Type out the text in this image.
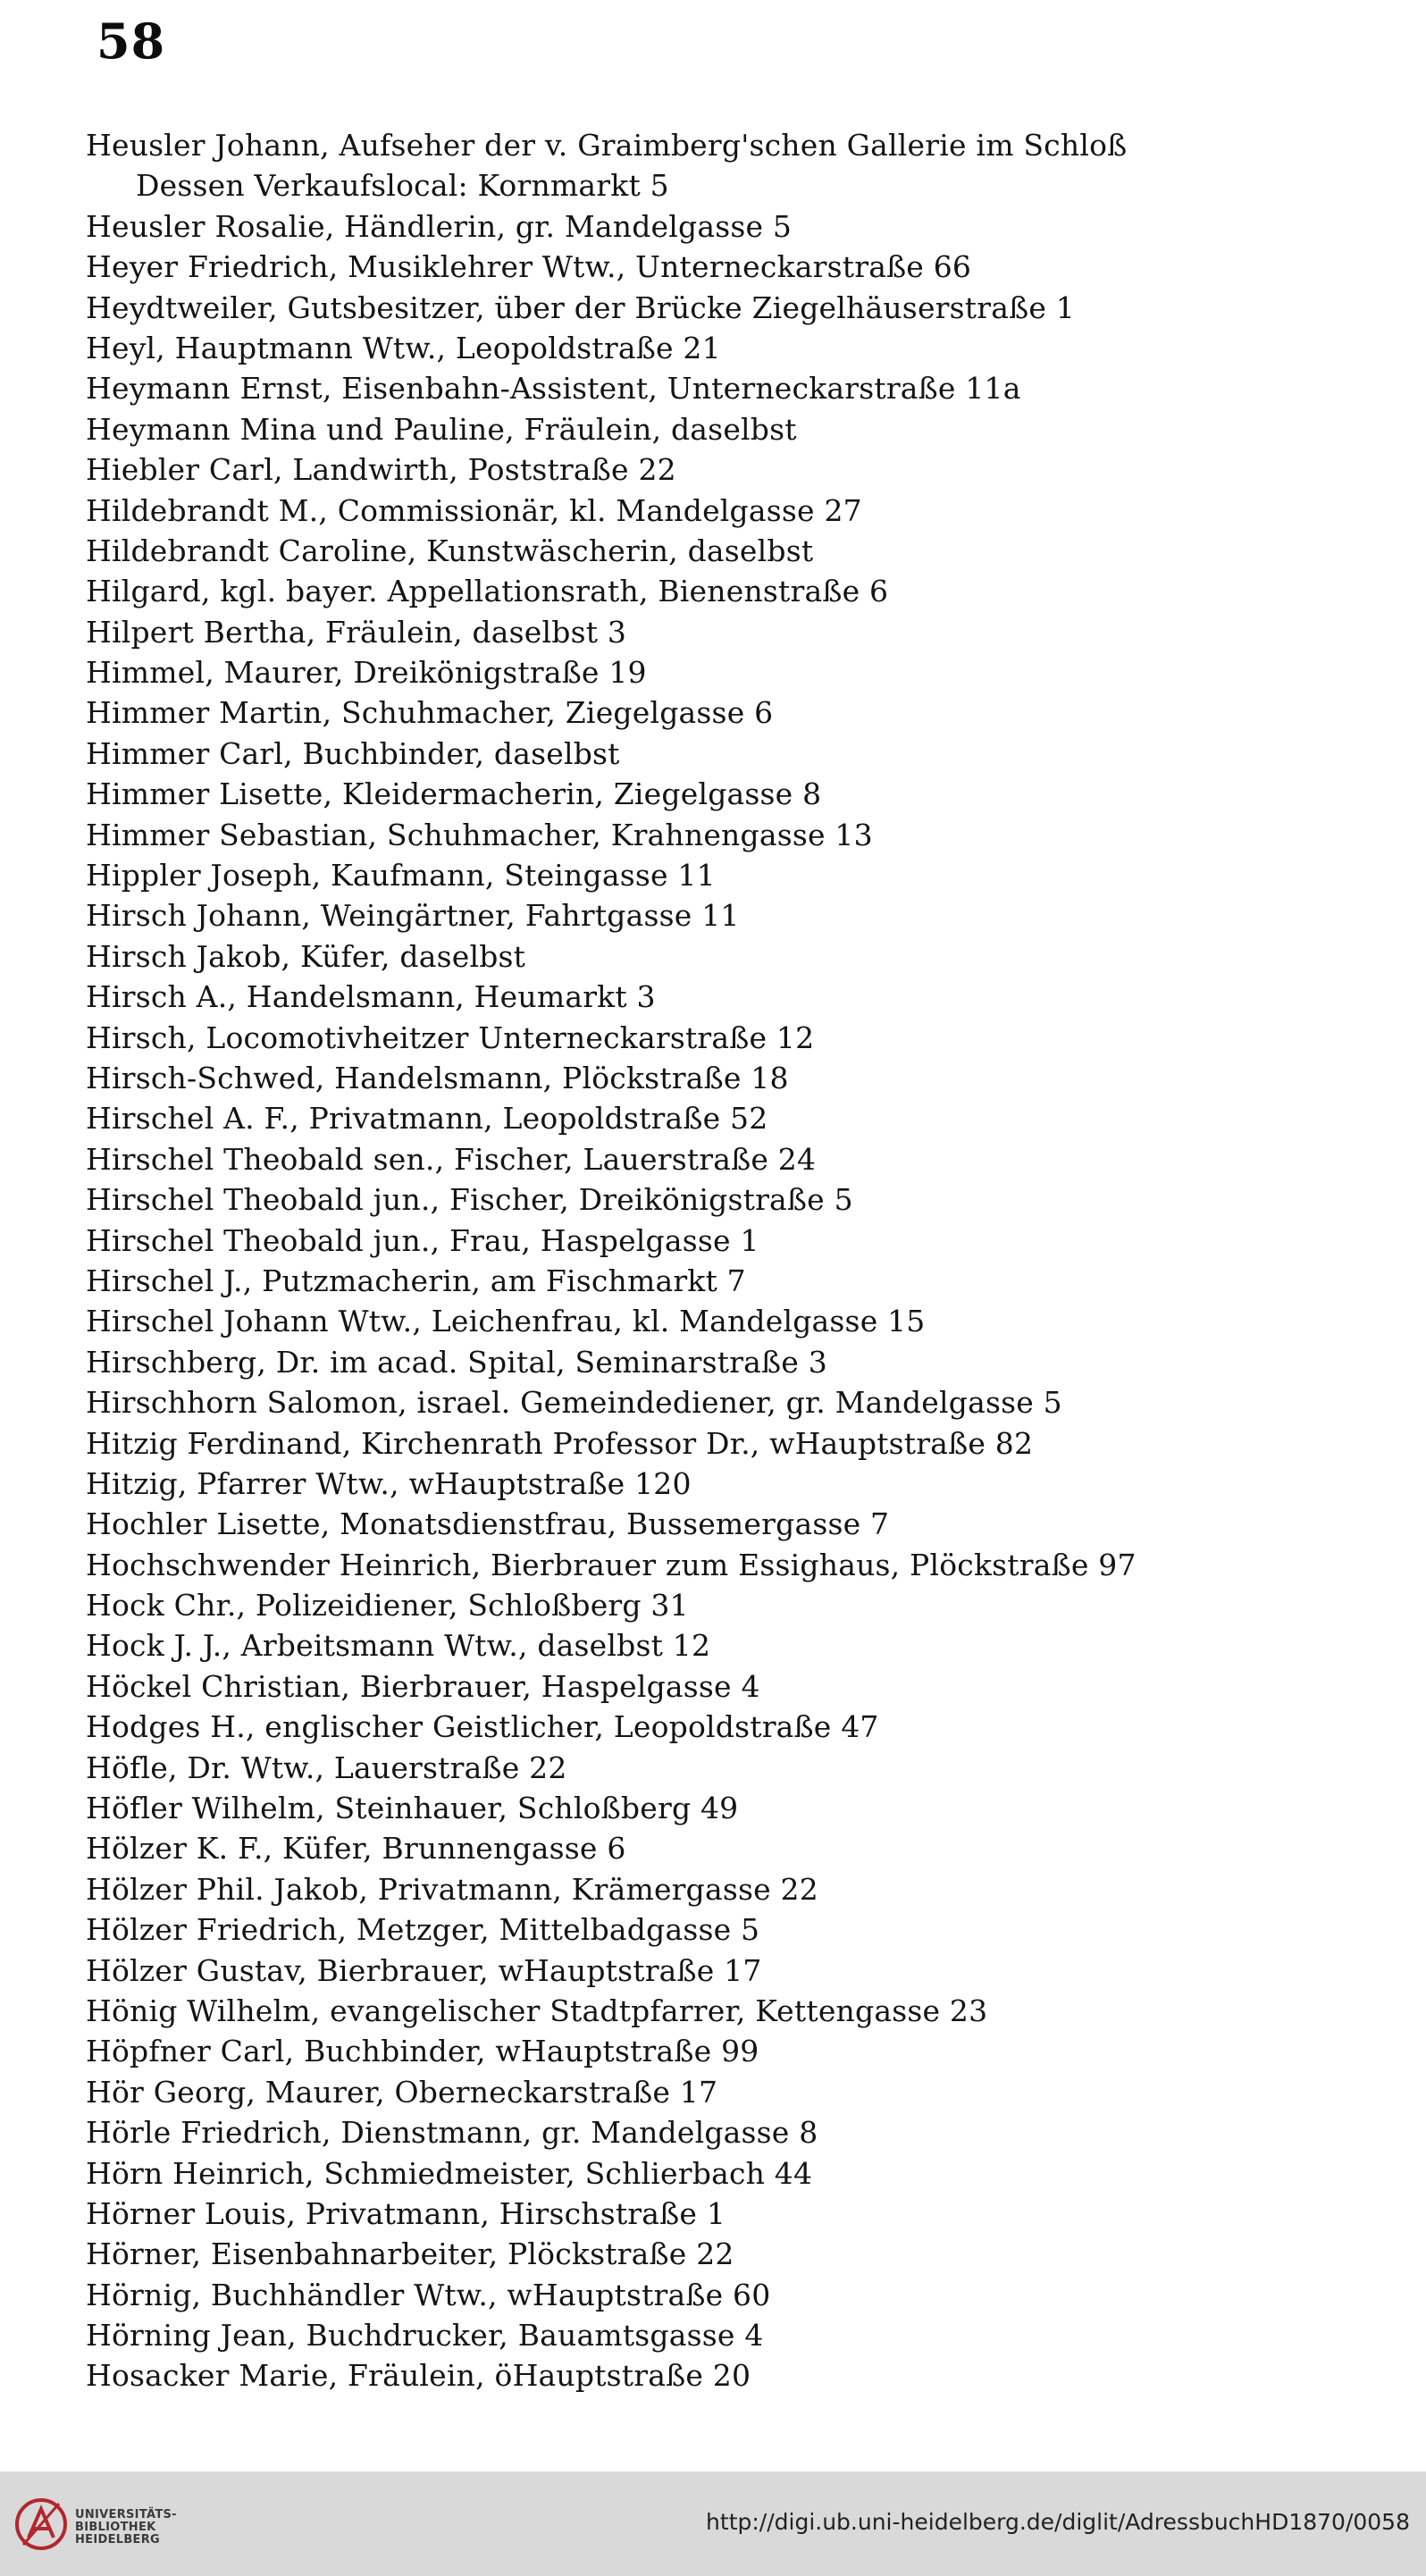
58
Heusler Johann, Aufseher der v. Graimberg'schen Gallerie im Schloß
Dessen Verkaufslocal: Kornmarkt 5
Heusler Rosalie, Händlerin, gr. Mandelgasse 5
Heyer Friedrich, Musiklehrer Wtw., Unterneckarstraße 66
Heydtweiler, Gutsbesitzer, über der Brücke Ziegelhäuserstraße 1
Heyl, Hauptmann Wtw., Leopoldstraße 21
Heymann Ernst, Eisenbahn-Assistent, Unterneckarstraße 11a
Heymann Mina und Pauline, Fräulein, daselbst
Hiebler Carl, Landwirth, Poststraße 22
Hildebrandt M., Commissionär, kl. Mandelgasse 27
Hildebrandt Caroline, Kunstwäscherin, daselbst
Hilgard, kgl. bayer. Appellationsrath, Bienenstraße 6
Hilpert Bertha, Fräulein, daselbst 3
Himmel, Maurer, Dreikönigstraße 19
Himmer Martin, Schuhmacher, Ziegelgasse 6
Himmer Carl, Buchbinder, daselbst
Himmer Lisette, Kleidermacherin, Ziegelgasse 8
Himmer Sebastian, Schuhmacher, Krahnengasse 13
Hippler Joseph, Kaufmann, Steingasse 11
Hirsch Johann, Weingärtner, Fahrtgasse 11
Hirsch Jakob, Küfer, daselbst
Hirsch A., Handelsmann, Heumarkt 3
Hirsch, Locomotivheitzer Unterneckarstraße 12
Hirsch-Schwed, Handelsmann, Plöckstraße 18
Hirschel A. F., Privatmann, Leopoldstraße 52
Hirschel Theobald sen., Fischer, Lauerstraße 24
Hirschel Theobald jun., Fischer, Dreikönigstraße 5
Hirschel Theobald jun., Frau, Haspelgasse 1
Hirschel J., Putzmacherin, am Fischmarkt 7
Hirschel Johann Wtw., Leichenfrau, kl. Mandelgasse 15
Hirschberg, Dr. im acad. Spital, Seminarstraße 3
Hirschhorn Salomon, israel. Gemeindediener, gr. Mandelgasse 5
Hitzig Ferdinand, Kirchenrath Professor Dr., wHauptstraße 82
Hitzig, Pfarrer Wtw., wHauptstraße 120
Hochler Lisette, Monatsdienstfrau, Bussemergasse 7
Hochschwender Heinrich, Bierbrauer zum Essighaus, Plöckstraße 97
Hock Chr., Polizeidiener, Schloßberg 31
Hock J. J., Arbeitsmann Wtw., daselbst 12
Höckel Christian, Bierbrauer, Haspelgasse 4
Hodges H., englischer Geistlicher, Leopoldstraße 47
Höfle, Dr. Wtw., Lauerstraße 22
Höfler Wilhelm, Steinhauer, Schloßberg 49
Hölzer K. F., Küfer, Brunnengasse 6
Hölzer Phil. Jakob, Privatmann, Krämergasse 22
Hölzer Friedrich, Metzger, Mittelbadgasse 5
Hölzer Gustav, Bierbrauer, wHauptstraße 17
Hönig Wilhelm, evangelischer Stadtpfarrer, Kettengasse 23
Höpfner Carl, Buchbinder, wHauptstraße 99
Hör Georg, Maurer, Oberneckarstraße 17
Hörle Friedrich, Dienstmann, gr. Mandelgasse 8
Hörn Heinrich, Schmiedmeister, Schlierbach 44
Hörner Louis, Privatmann, Hirschstraße 1
Hörner, Eisenbahnarbeiter, Plöckstraße 22
Hörnig, Buchhändler Wtw., wHauptstraße 60
Hörning Jean, Buchdrucker, Bauamtsgasse 4
Hosacker Marie, Fräulein, öHauptstraße 20
UNIVERSITÄTS-
BIBLIOTHEK
HEIDELBERG
http://digi.ub.uni-heidelberg.de/diglit/AdressbuchHD1870/0058
